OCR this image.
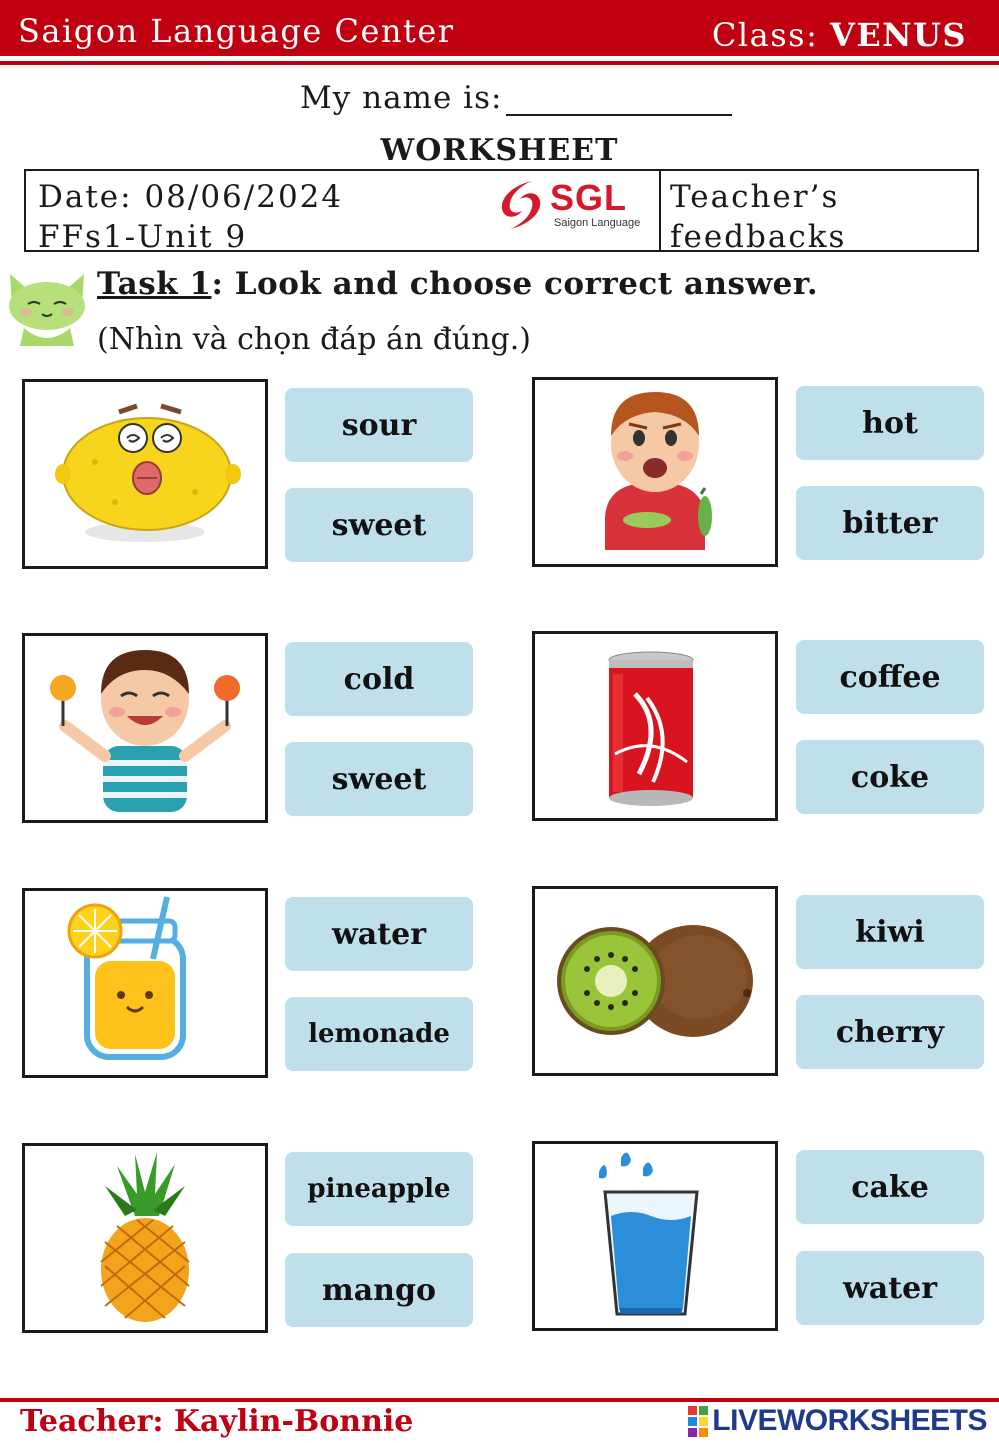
Saigon Language Center	Class: VENUS
My name is:
WORKSHEET
Date: 08/06/2024
FFs1-Unit 9
SGL
Saigon Language
Teacher’s
feedbacks
Task 1: Look and choose correct answer.
(Nhìn và chọn đáp án đúng.)
sour
sweet
hot
bitter
cold
sweet
coffee
coke
water
lemonade
kiwi
cherry
pineapple
mango
cake
water
Teacher: Kaylin-Bonnie	LIVEWORKSHEETS
